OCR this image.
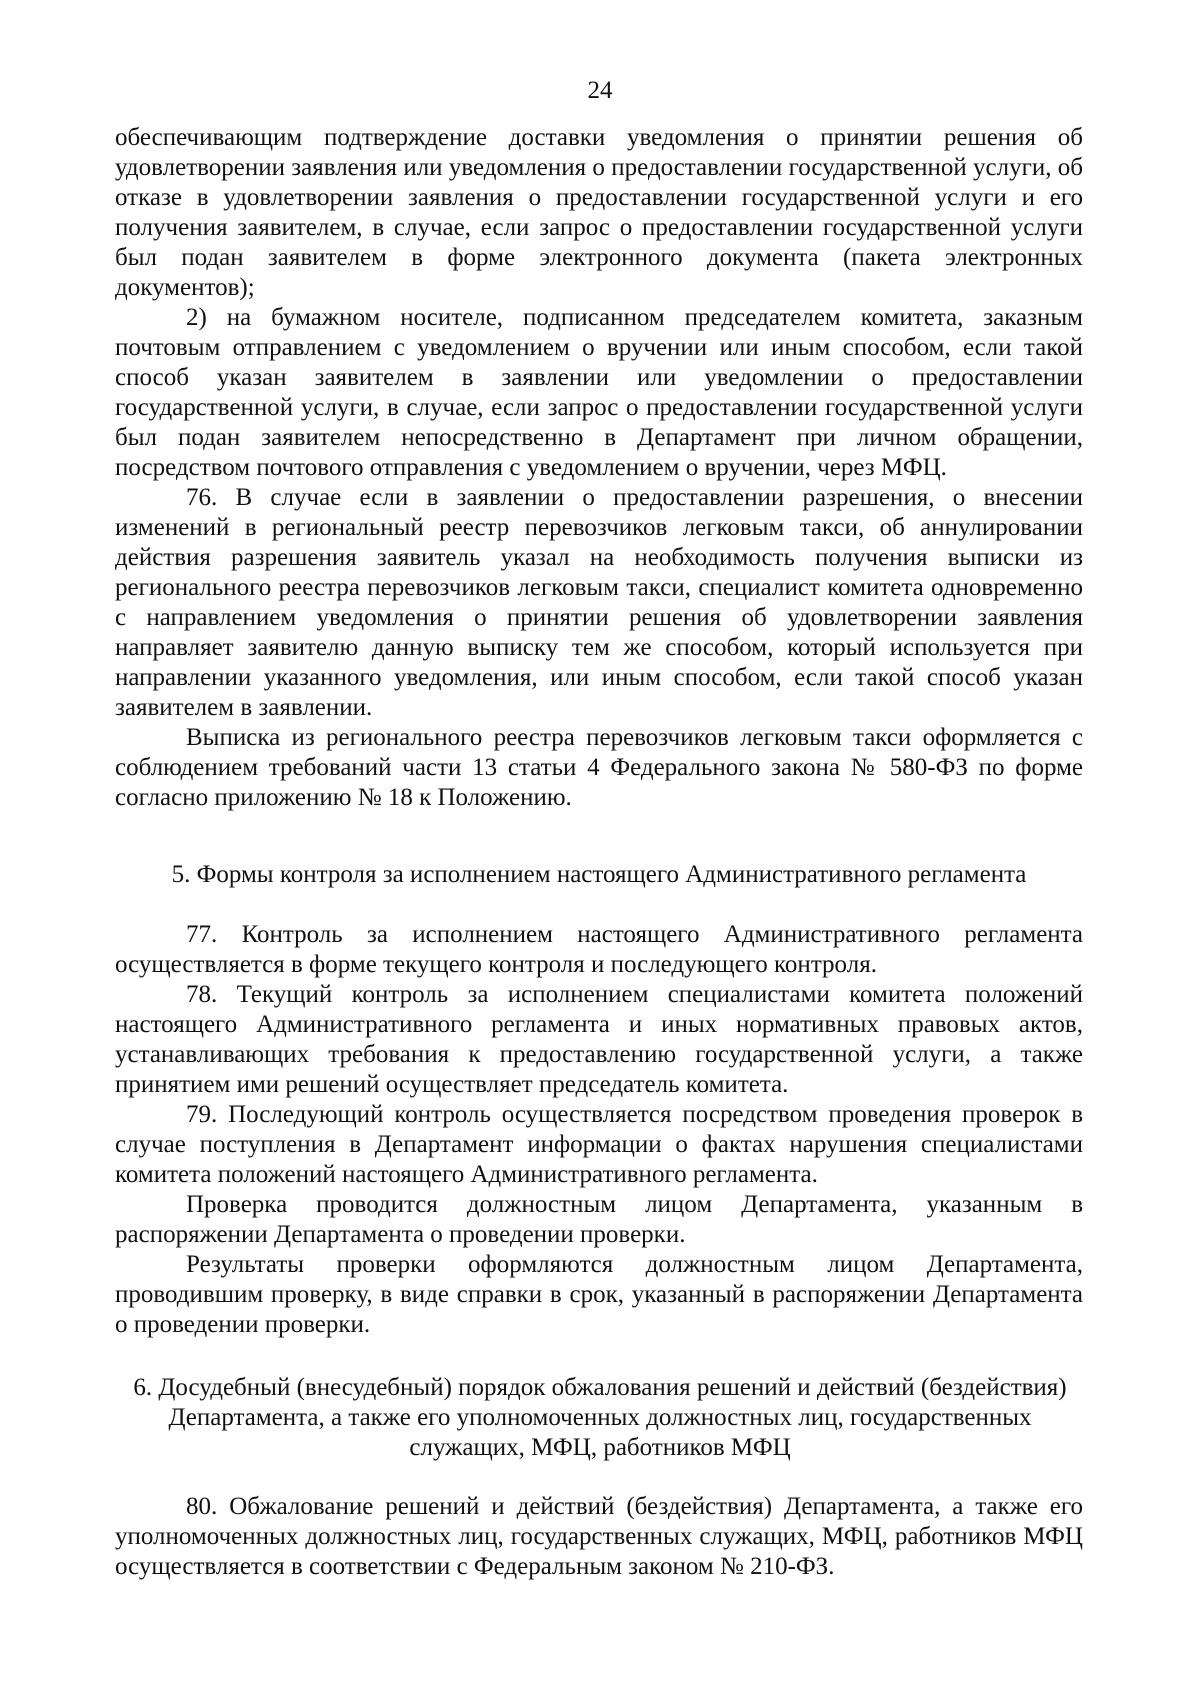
24

обеспечивающим подтверждение доставки уведомления о принятии решения об удовлетворении заявления или уведомления о предоставлении государственной услуги, об отказе в удовлетворении заявления о предоставлении государственной услуги и его получения заявителем, в случае, если запрос о предоставлении государственной услуги был подан заявителем в форме электронного документа (пакета электронных документов);

2) на бумажном носителе, подписанном председателем комитета, заказным почтовым отправлением с уведомлением о вручении или иным способом, если такой способ указан заявителем в заявлении или уведомлении о предоставлении государственной услуги, в случае, если запрос о предоставлении государственной услуги был подан заявителем непосредственно в Департамент при личном обращении, посредством почтового отправления с уведомлением о вручении, через МФЦ.

76. В случае если в заявлении о предоставлении разрешения, о внесении изменений в региональный реестр перевозчиков легковым такси, об аннулировании действия разрешения заявитель указал на необходимость получения выписки из регионального реестра перевозчиков легковым такси, специалист комитета одновременно с направлением уведомления о принятии решения об удовлетворении заявления направляет заявителю данную выписку тем же способом, который используется при направлении указанного уведомления, или иным способом, если такой способ указан заявителем в заявлении.

Выписка из регионального реестра перевозчиков легковым такси оформляется с соблюдением требований части 13 статьи 4 Федерального закона № 580-ФЗ по форме согласно приложению № 18 к Положению.

5. Формы контроля за исполнением настоящего Административного регламента

77. Контроль за исполнением настоящего Административного регламента осуществляется в форме текущего контроля и последующего контроля.

78. Текущий контроль за исполнением специалистами комитета положений настоящего Административного регламента и иных нормативных правовых актов, устанавливающих требования к предоставлению государственной услуги, а также принятием ими решений осуществляет председатель комитета.

79. Последующий контроль осуществляется посредством проведения проверок в случае поступления в Департамент информации о фактах нарушения специалистами комитета положений настоящего Административного регламента.

Проверка проводится должностным лицом Департамента, указанным в распоряжении Департамента о проведении проверки.

Результаты проверки оформляются должностным лицом Департамента, проводившим проверку, в виде справки в срок, указанный в распоряжении Департамента о проведении проверки.

6. Досудебный (внесудебный) порядок обжалования решений и действий (бездействия)

Департамента, а также его уполномоченных должностных лиц, государственных

служащих, МФЦ, работников МФЦ

80. Обжалование решений и действий (бездействия) Департамента, а также его уполномоченных должностных лиц, государственных служащих, МФЦ, работников МФЦ осуществляется в соответствии с Федеральным законом № 210-ФЗ.
